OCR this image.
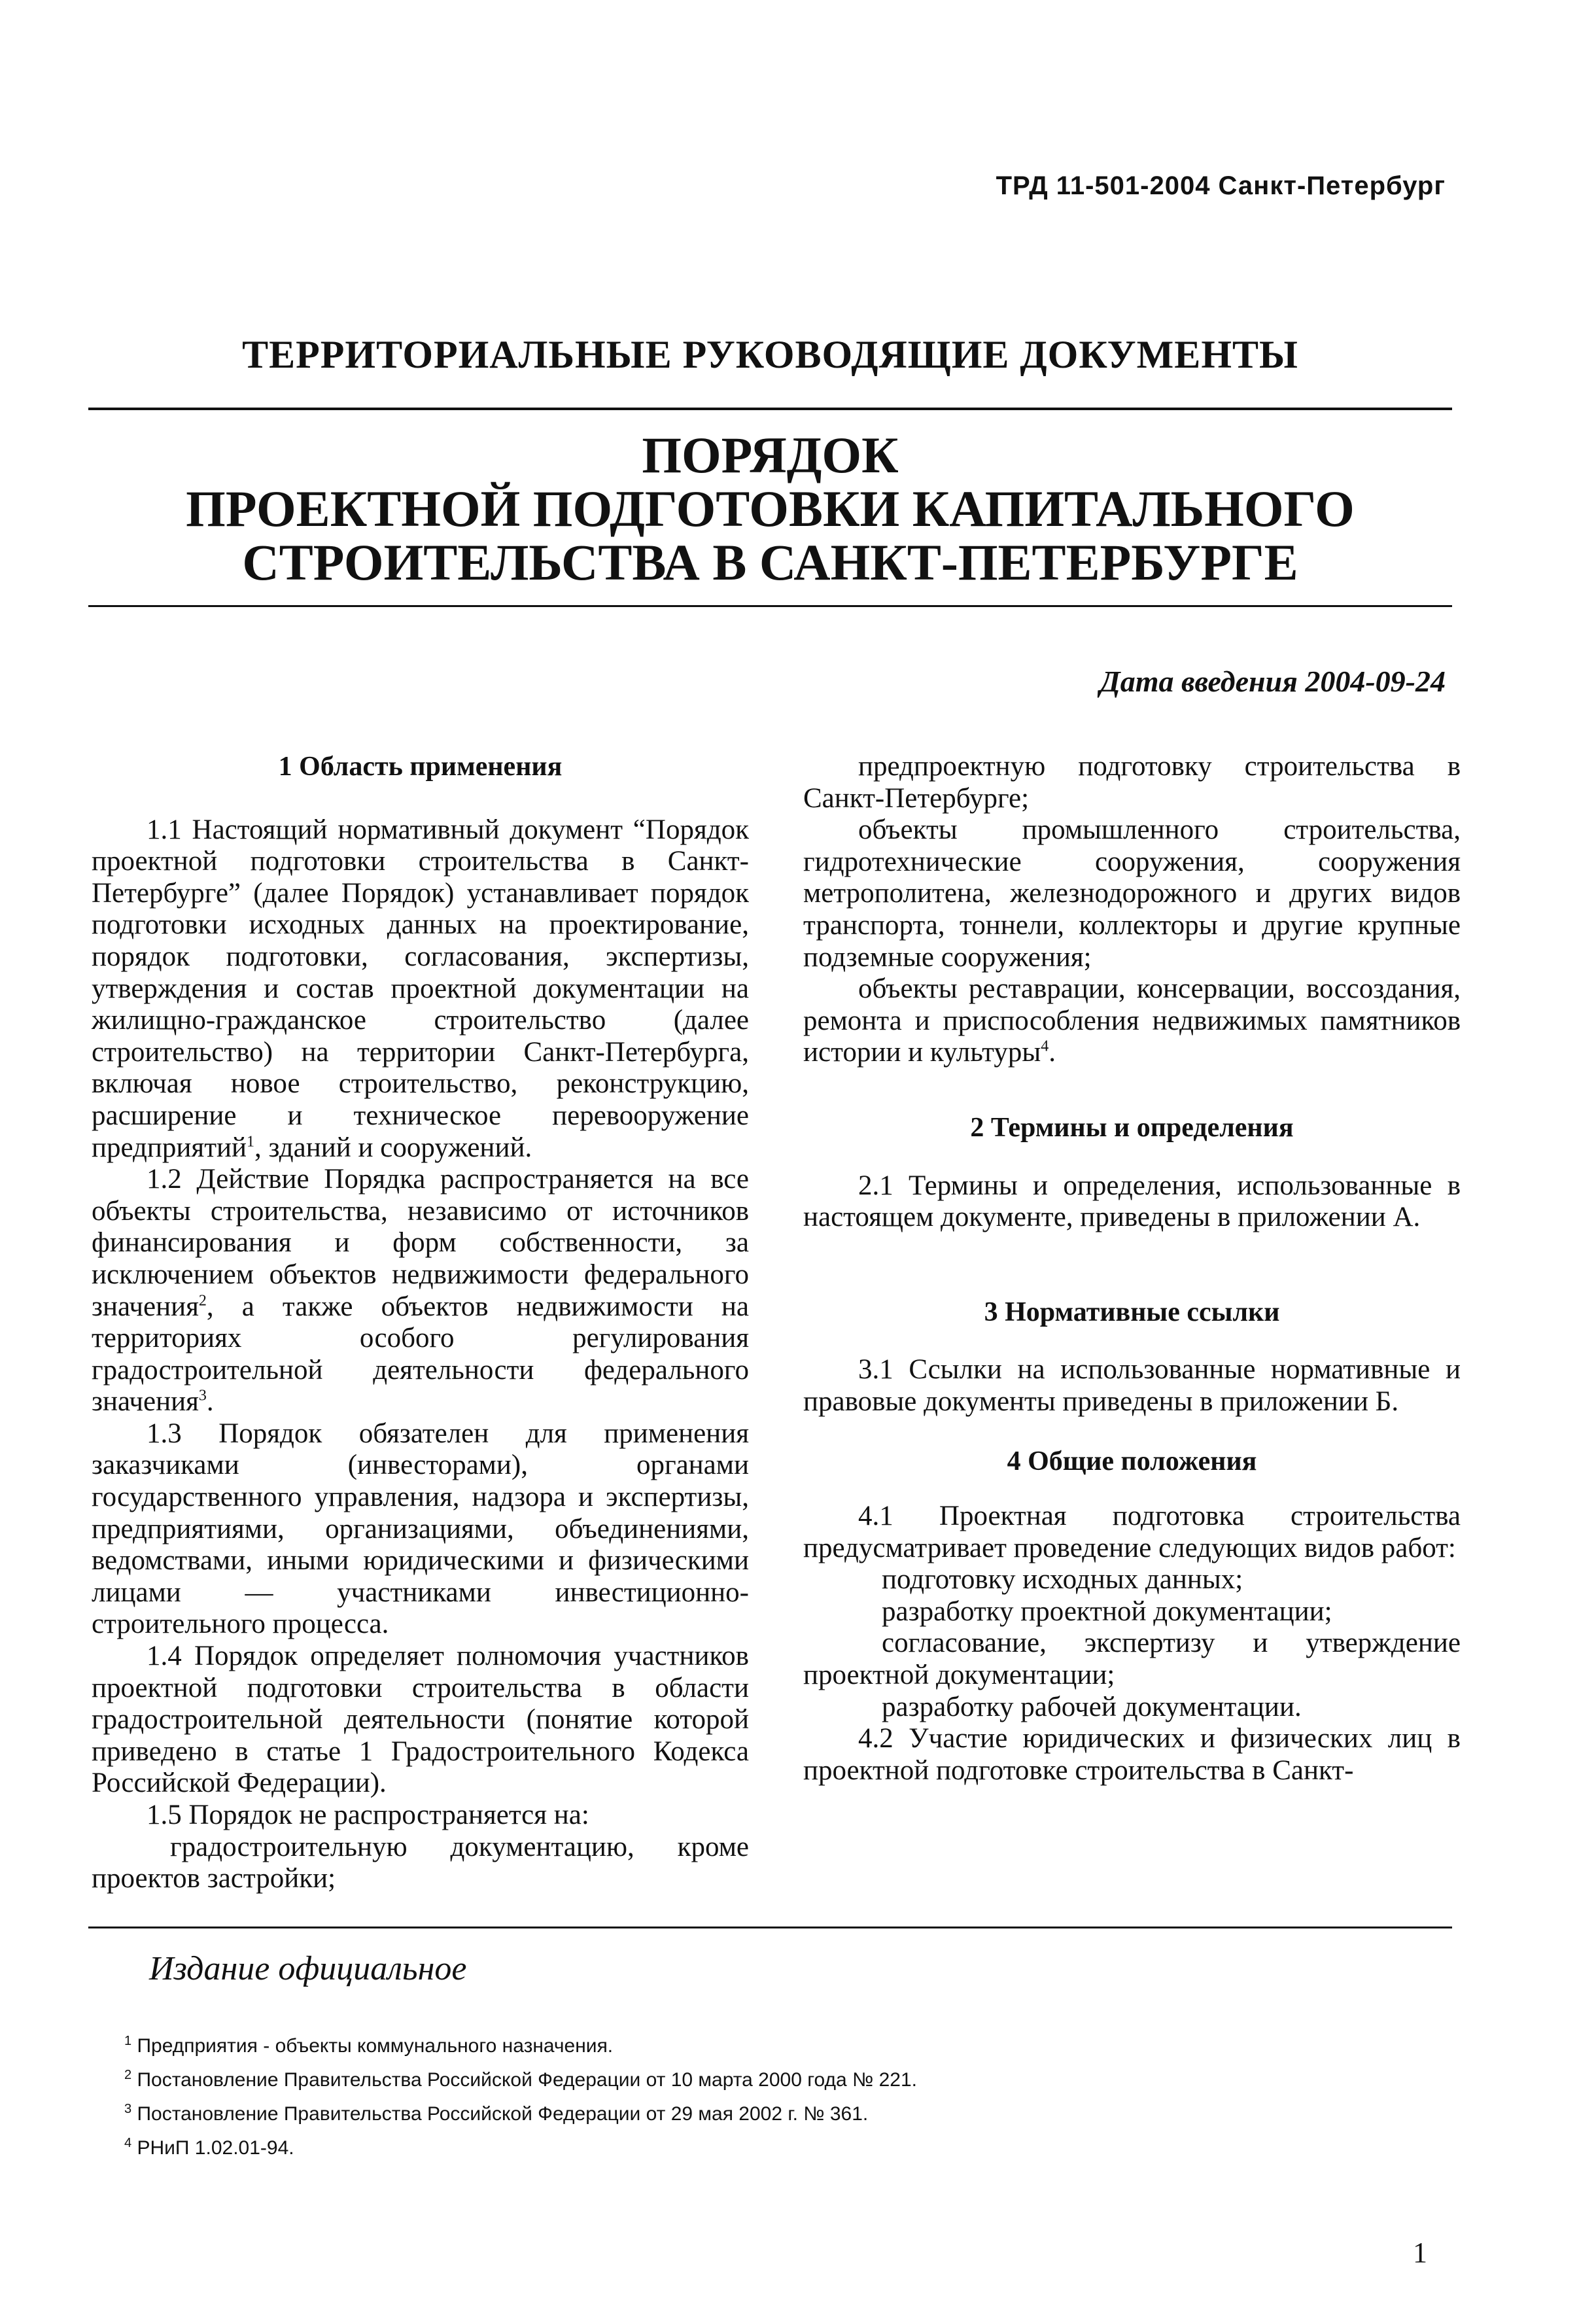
ТРД 11-501-2004 Санкт-Петербург
ТЕРРИТОРИАЛЬНЫЕ РУКОВОДЯЩИЕ ДОКУМЕНТЫ
ПОРЯДОК
ПРОЕКТНОЙ ПОДГОТОВКИ КАПИТАЛЬНОГО
СТРОИТЕЛЬСТВА В САНКТ-ПЕТЕРБУРГЕ
Дата введения 2004-09-24
1 Область применения

1.1 Настоящий нормативный документ “Порядок проектной подготовки строительства в Санкт-Петербурге” (далее Порядок) устанавливает порядок подготовки исходных данных на проектирование, порядок подготовки, согласования, экспертизы, утверждения и состав проектной документации на жилищно-гражданское строительство (далее строительство) на территории Санкт-Петербурга, включая новое строительство, реконструкцию, расширение и техническое перевооружение предприятий$^1$, зданий и сооружений.

1.2 Действие Порядка распространяется на все объекты строительства, независимо от источников финансирования и форм собственности, за исключением объектов недвижимости федерального значения$^2$, а также объектов недвижимости на территориях особого регулирования градостроительной деятельности федерального значения$^3$.

1.3 Порядок обязателен для применения заказчиками (инвесторами), органами государственного управления, надзора и экспертизы, предприятиями, организациями, объединениями, ведомствами, иными юридическими и физическими лицами — участниками инвестиционно-строительного процесса.

1.4 Порядок определяет полномочия участников проектной подготовки строительства в области градостроительной деятельности (понятие которой приведено в статье 1 Градостроительного Кодекса Российской Федерации).

1.5 Порядок не распространяется на:

градостроительную документацию, кроме проектов застройки;

предпроектную подготовку строительства в Санкт-Петербурге;

объекты промышленного строительства, гидротехнические сооружения, сооружения метрополитена, железнодорожного и других видов транспорта, тоннели, коллекторы и другие крупные подземные сооружения;

объекты реставрации, консервации, воссоздания, ремонта и приспособления недвижимых памятников истории и культуры$^4$.

2 Термины и определения

2.1 Термины и определения, использованные в настоящем документе, приведены в приложении А.

3 Нормативные ссылки

3.1 Ссылки на использованные нормативные и правовые документы приведены в приложении Б.

4 Общие положения

4.1 Проектная подготовка строительства предусматривает проведение следующих видов работ:

подготовку исходных данных;

разработку проектной документации;

согласование, экспертизу и утверждение проектной документации;

разработку рабочей документации.

4.2 Участие юридических и физических лиц в проектной подготовке строительства в Санкт-

Издание официальное
$^1$ Предприятия - объекты коммунального назначения.
$^2$ Постановление Правительства Российской Федерации от 10 марта 2000 года № 221.
$^3$ Постановление Правительства Российской Федерации от 29 мая 2002 г. № 361.
$^4$ РНиП 1.02.01-94.
1
